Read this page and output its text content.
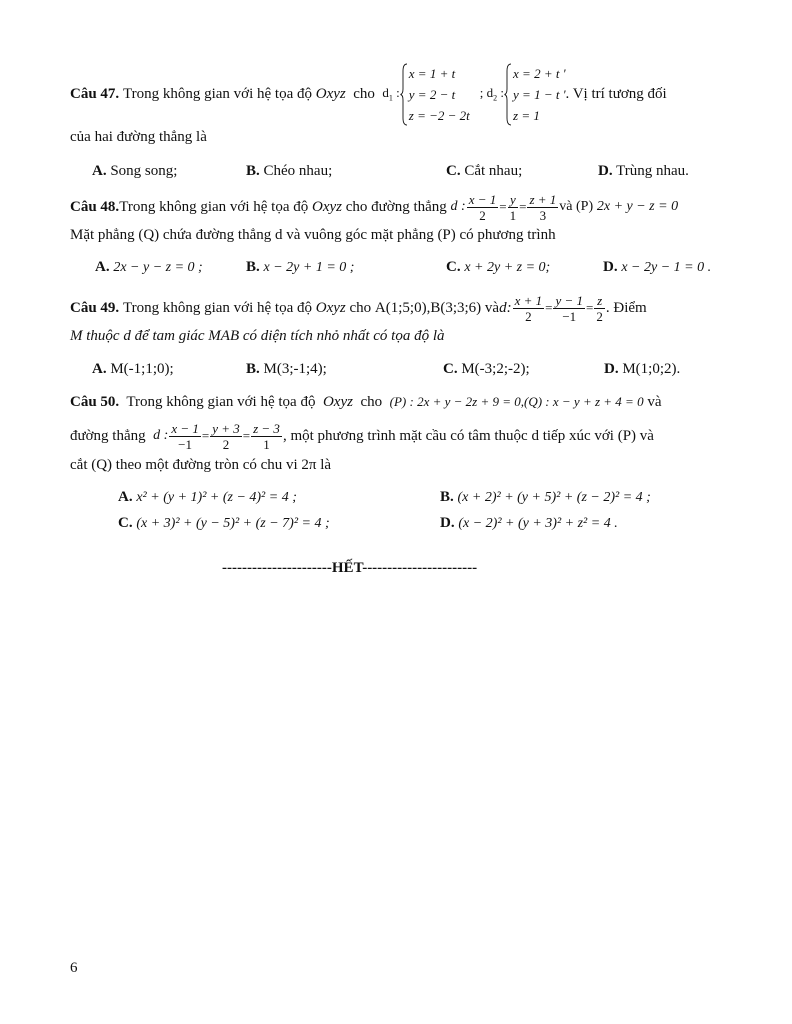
Câu 47.
Trong không gian với hệ tọa độ
Oxyz
cho
$d_1$ :
x = 1 + t
y = 2 − t
z = −2 − 2t
; $d_2$ :
x = 2 + t '
y = 1 − t '
z = 1
. Vị trí tương đối
của hai đường thẳng là
A. Song song;	B. Chéo nhau;	C. Cắt nhau;	D. Trùng nhau.
Câu 48. Trong không gian với hệ tọa độ
Oxyz
cho đường thẳng
d : $\frac{x - 1}{2} = \frac{y}{1} = \frac{z + 1}{3}$ và (P)
2x + y − z = 0
Mặt phẳng (Q) chứa đường thẳng d và vuông góc mặt phẳng (P) có phương trình
A. 2x − y − z = 0 ;	B. x − 2y + 1 = 0 ;	C. x + 2y + z = 0;	D. x − 2y − 1 = 0 .
Câu 49.
Trong không gian với hệ tọa độ
Oxyz
cho
A(1;5;0), B(3;3;6) và d: $\frac{x + 1}{2} = \frac{y - 1}{-1} = \frac{z}{2}$ . Điểm
M thuộc d để tam giác MAB có diện tích nhỏ nhất có tọa độ là
A. M(-1;1;0);	B. M(3;-1;4);	C. M(-3;2;-2);	D. M(1;0;2).
Câu 50. Trong không gian với hệ tọa độ Oxyz cho (P) : 2x + y − 2z + 9 = 0,(Q) : x − y + z + 4 = 0 và
đường thẳng
d : $\frac{x - 1}{-1} = \frac{y + 3}{2} = \frac{z - 3}{1}$ , một phương trình mặt cầu có tâm thuộc d tiếp xúc với (P) và
cắt (Q) theo một đường tròn có chu vi 2π là
A. x² + (y + 1)² + (z − 4)² = 4 ;	B. (x + 2)² + (y + 5)² + (z − 2)² = 4 ;
C. (x + 3)² + (y − 5)² + (z − 7)² = 4 ;	D. (x − 2)² + (y + 3)² + z² = 4 .
----------------------HẾT-----------------------
6
